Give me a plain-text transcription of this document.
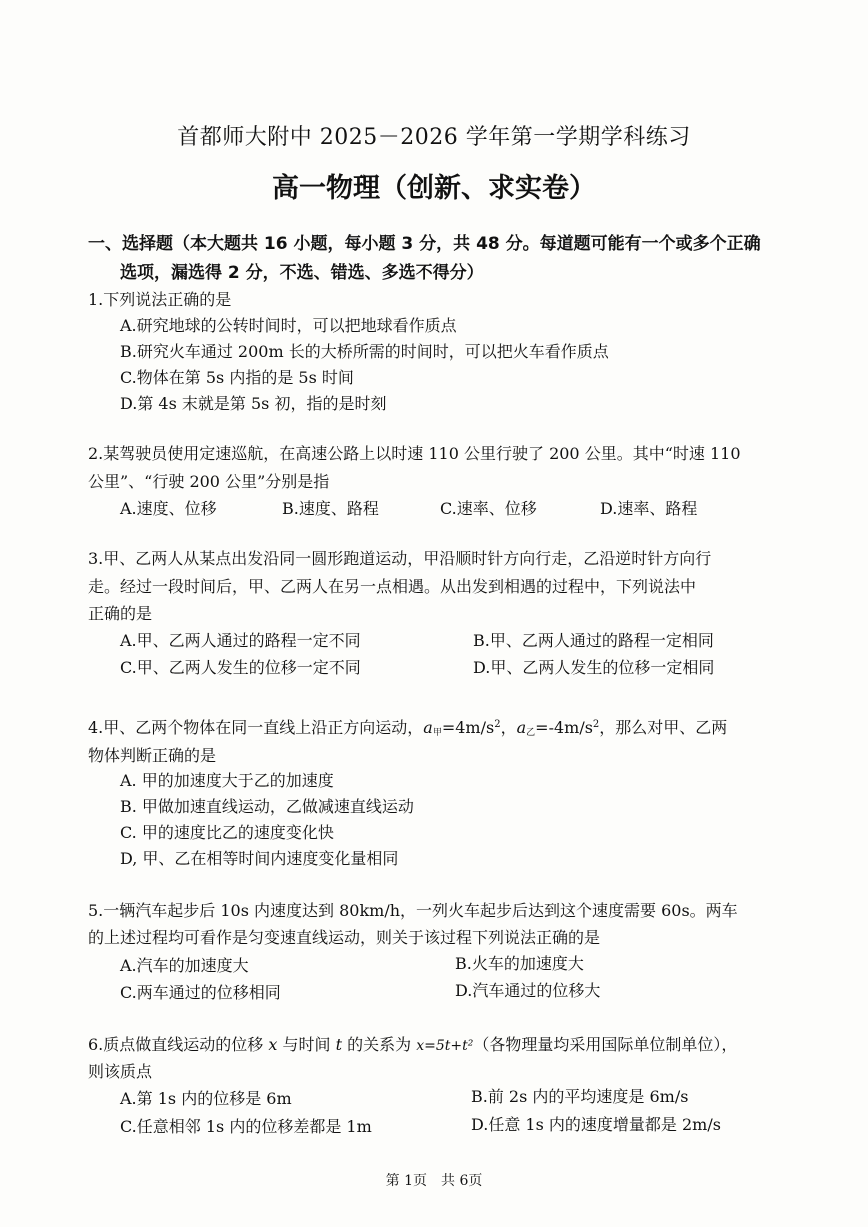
首都师大附中 2025－2026 学年第一学期学科练习
高一物理（创新、求实卷）
一、选择题（本大题共 16 小题，每小题 3 分，共 48 分。每道题可能有一个或多个正确
选项，漏选得 2 分，不选、错选、多选不得分）
1.下列说法正确的是
A.研究地球的公转时间时，可以把地球看作质点
B.研究火车通过 200m 长的大桥所需的时间时，可以把火车看作质点
C.物体在第 5s 内指的是 5s 时间
D.第 4s 末就是第 5s 初，指的是时刻
2.某驾驶员使用定速巡航，在高速公路上以时速 110 公里行驶了 200 公里。其中“时速 110
公里”、“行驶 200 公里”分别是指
A.速度、位移	B.速度、路程	C.速率、位移	D.速率、路程
3.甲、乙两人从某点出发沿同一圆形跑道运动，甲沿顺时针方向行走，乙沿逆时针方向行
走。经过一段时间后，甲、乙两人在另一点相遇。从出发到相遇的过程中，下列说法中
正确的是
A.甲、乙两人通过的路程一定不同	B.甲、乙两人通过的路程一定相同
C.甲、乙两人发生的位移一定不同	D.甲、乙两人发生的位移一定相同
4.甲、乙两个物体在同一直线上沿正方向运动，$a_甲=4m/s^2$，$a_乙=-4m/s^2$，那么对甲、乙两
物体判断正确的是
A. 甲的加速度大于乙的加速度
B. 甲做加速直线运动，乙做减速直线运动
C. 甲的速度比乙的速度变化快
D, 甲、乙在相等时间内速度变化量相同
5.一辆汽车起步后 10s 内速度达到 80km/h，一列火车起步后达到这个速度需要 60s。两车
的上述过程均可看作是匀变速直线运动，则关于该过程下列说法正确的是
A.汽车的加速度大	B.火车的加速度大
C.两车通过的位移相同	D.汽车通过的位移大
6.质点做直线运动的位移 x 与时间 t 的关系为 x=5t+t²（各物理量均采用国际单位制单位），
则该质点
A.第 1s 内的位移是 6m	B.前 2s 内的平均速度是 6m/s
C.任意相邻 1s 内的位移差都是 1m	D.任意 1s 内的速度增量都是 2m/s
第 1页 共 6页
